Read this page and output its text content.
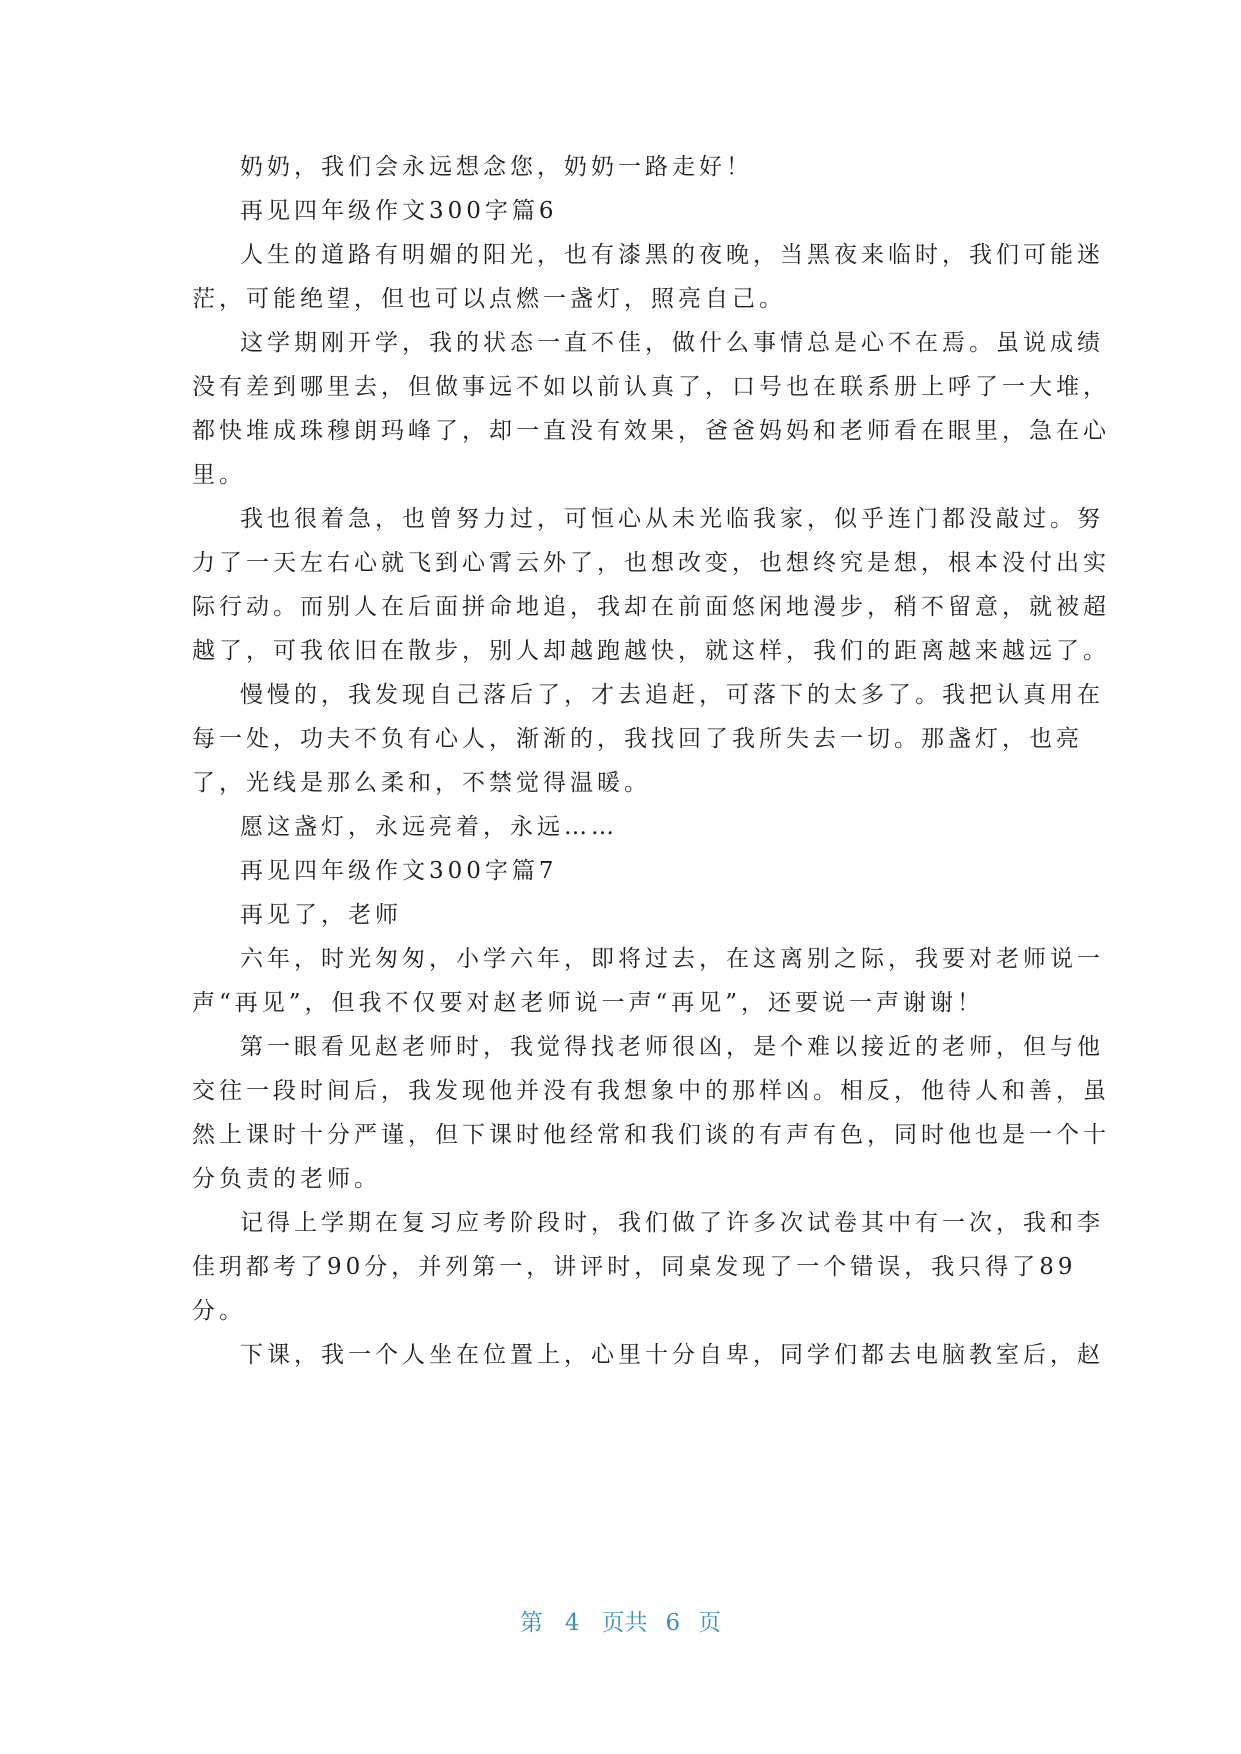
奶奶，我们会永远想念您，奶奶一路走好！
再见四年级作文300字篇6
人生的道路有明媚的阳光，也有漆黑的夜晚，当黑夜来临时，我们可能迷
茫，可能绝望，但也可以点燃一盏灯，照亮自己。
这学期刚开学，我的状态一直不佳，做什么事情总是心不在焉。虽说成绩
没有差到哪里去，但做事远不如以前认真了，口号也在联系册上呼了一大堆，
都快堆成珠穆朗玛峰了，却一直没有效果，爸爸妈妈和老师看在眼里，急在心
里。
我也很着急，也曾努力过，可恒心从未光临我家，似乎连门都没敲过。努
力了一天左右心就飞到心霄云外了，也想改变，也想终究是想，根本没付出实
际行动。而别人在后面拼命地追，我却在前面悠闲地漫步，稍不留意，就被超
越了，可我依旧在散步，别人却越跑越快，就这样，我们的距离越来越远了。
慢慢的，我发现自己落后了，才去追赶，可落下的太多了。我把认真用在
每一处，功夫不负有心人，渐渐的，我找回了我所失去一切。那盏灯，也亮
了，光线是那么柔和，不禁觉得温暖。
愿这盏灯，永远亮着，永远……
再见四年级作文300字篇7
再见了，老师
六年，时光匆匆，小学六年，即将过去，在这离别之际，我要对老师说一
声“再见”，但我不仅要对赵老师说一声“再见”，还要说一声谢谢！
第一眼看见赵老师时，我觉得找老师很凶，是个难以接近的老师，但与他
交往一段时间后，我发现他并没有我想象中的那样凶。相反，他待人和善，虽
然上课时十分严谨，但下课时他经常和我们谈的有声有色，同时他也是一个十
分负责的老师。
记得上学期在复习应考阶段时，我们做了许多次试卷其中有一次，我和李
佳玥都考了90分，并列第一，讲评时，同桌发现了一个错误，我只得了89
分。
下课，我一个人坐在位置上，心里十分自卑，同学们都去电脑教室后，赵
第 4 页共 6 页
